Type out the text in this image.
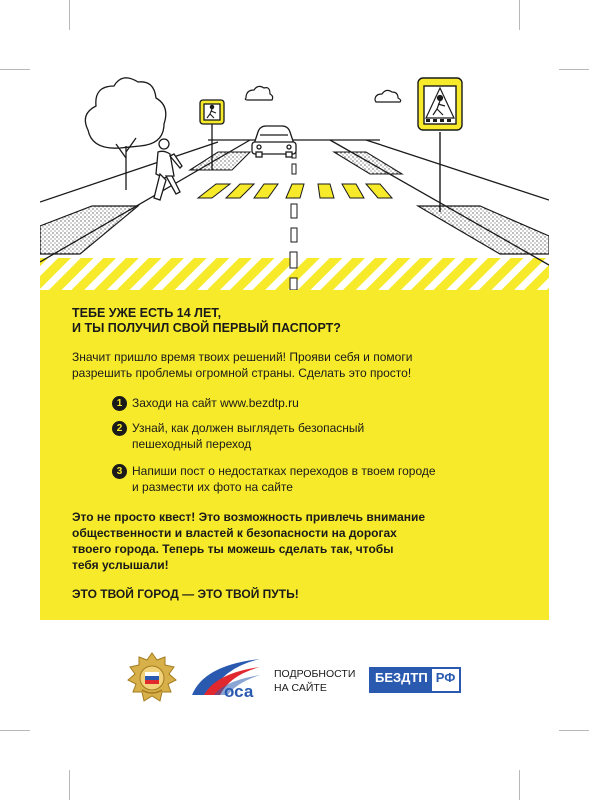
ТЕБЕ УЖЕ ЕСТЬ 14 ЛЕТ,
И ТЫ ПОЛУЧИЛ СВОЙ ПЕРВЫЙ ПАСПОРТ?

Значит пришло время твоих решений! Прояви себя и помоги
разрешить проблемы огромной страны. Сделать это просто!

1 Заходи на сайт www.bezdtp.ru
2 Узнай, как должен выглядеть безопасный
пешеходный переход
3 Напиши пост о недостатках переходов в твоем городе
и размести их фото на сайте

Это не просто квест! Это возможность привлечь внимание
общественности и властей к безопасности на дорогах
твоего города. Теперь ты можешь сделать так, чтобы
тебя услышали!

ЭТО ТВОЙ ГОРОД — ЭТО ТВОЙ ПУТЬ!

оса
ПОДРОБНОСТИ
НА САЙТЕ
БЕЗДТП РФ
